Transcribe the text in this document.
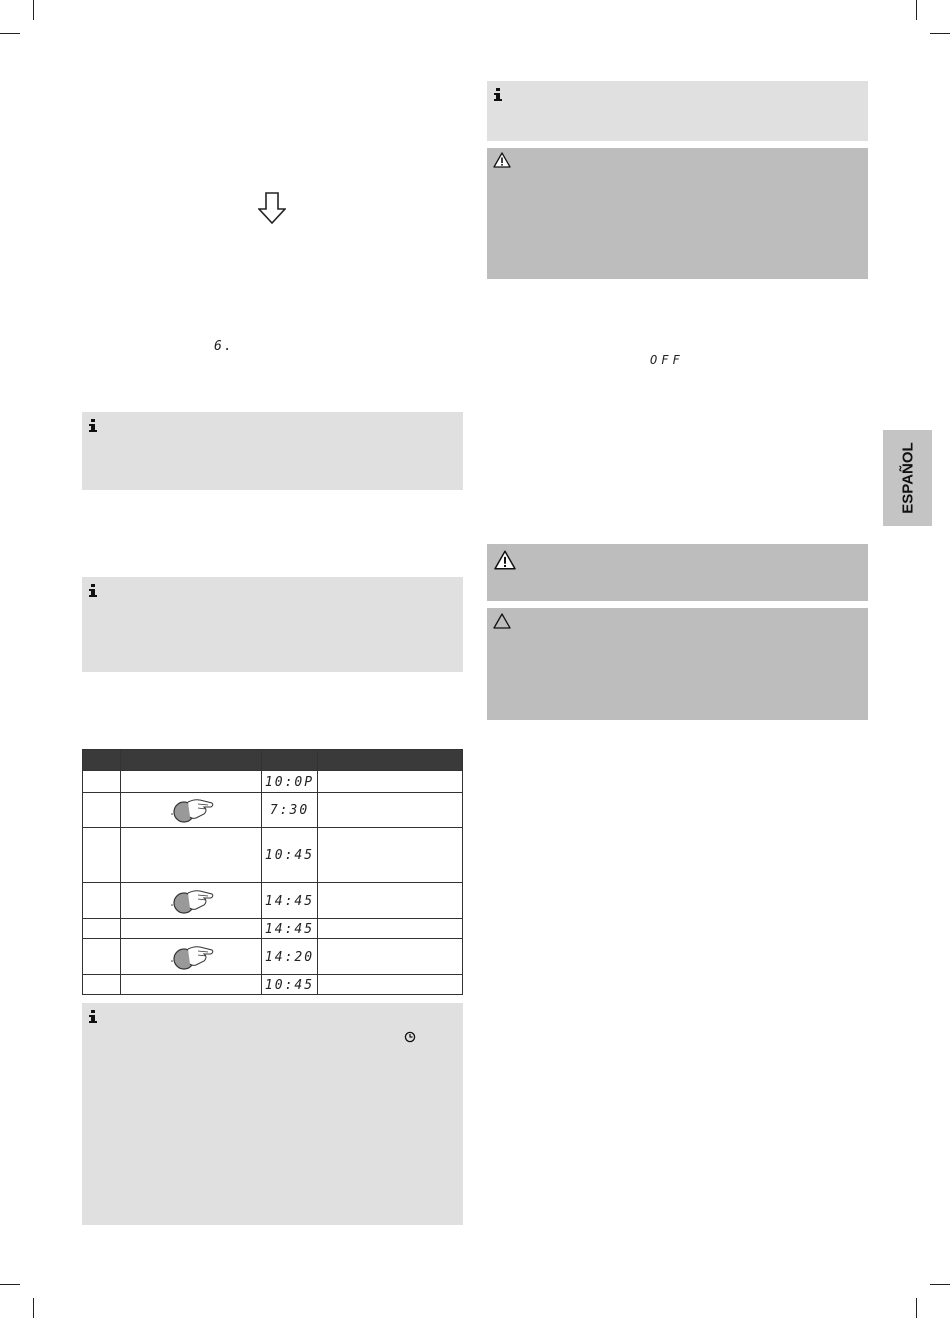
6.

		10:0P	
		7:30	
		10:45	
		14:45	
		14:45	
		14:20	
		10:45	
OFF
ESPAÑOL
